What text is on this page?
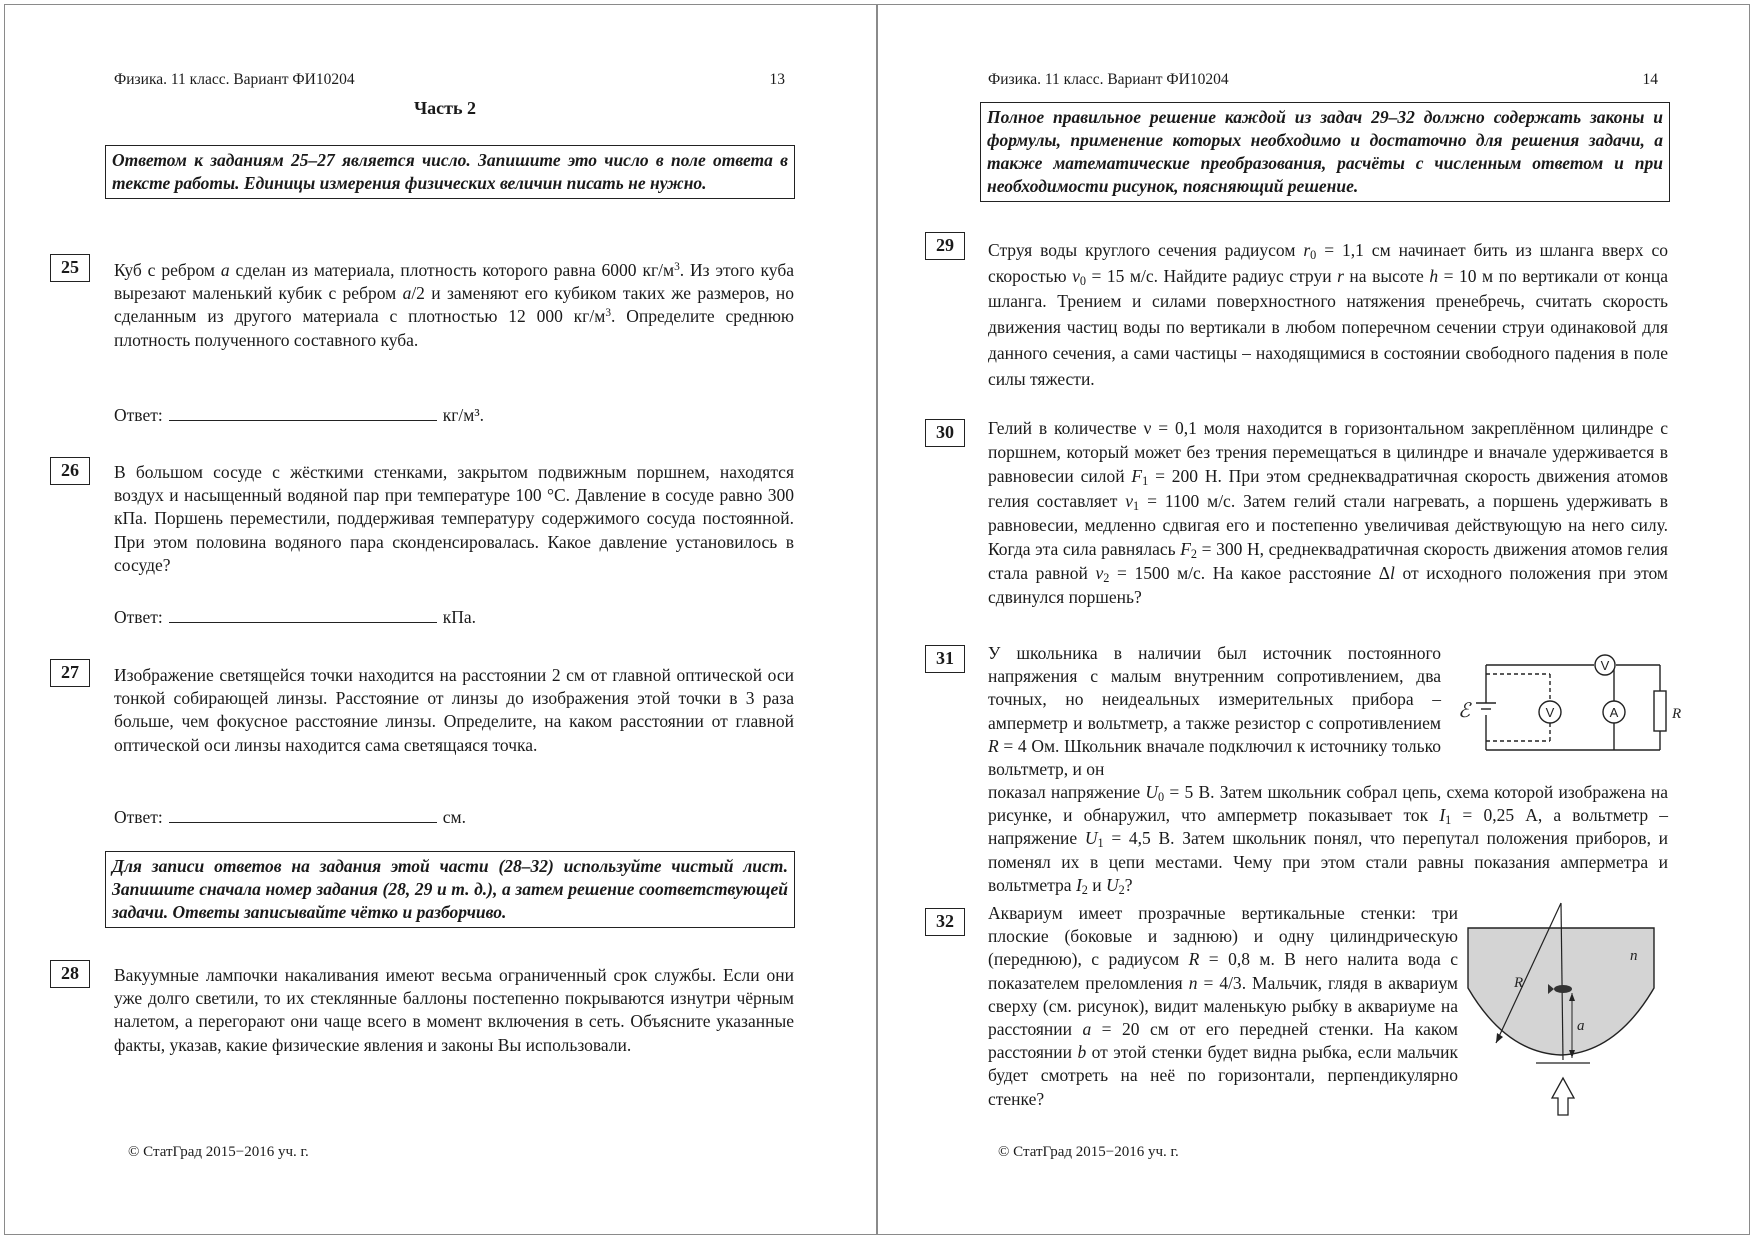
Физика. 11 класс. Вариант ФИ10204	13
Часть 2
Ответом к заданиям 25–27 является число. Запишите это число в поле ответа в тексте работы. Единицы измерения физических величин писать не нужно.
25	Куб с ребром a сделан из материала, плотность которого равна 6000 $кг/м^3$. Из этого куба вырезают маленький кубик с ребром a/2 и заменяют его кубиком таких же размеров, но сделанным из другого материала с плотностью 12 000 $кг/м^3$. Определите среднюю плотность полученного составного куба.
Ответ:	кг/м³.
26	В большом сосуде с жёсткими стенками, закрытом подвижным поршнем, находятся воздух и насыщенный водяной пар при температуре 100 °С. Давление в сосуде равно 300 кПа. Поршень переместили, поддерживая температуру содержимого сосуда постоянной. При этом половина водяного пара сконденсировалась. Какое давление установилось в сосуде?
Ответ:	кПа.
27	Изображение светящейся точки находится на расстоянии 2 см от главной оптической оси тонкой собирающей линзы. Расстояние от линзы до изображения этой точки в 3 раза больше, чем фокусное расстояние линзы. Определите, на каком расстоянии от главной оптической оси линзы находится сама светящаяся точка.
Ответ:	см.
Для записи ответов на задания этой части (28–32) используйте чистый лист. Запишите сначала номер задания (28, 29 и т. д.), а затем решение соответствующей задачи. Ответы записывайте чётко и разборчиво.
28	Вакуумные лампочки накаливания имеют весьма ограниченный срок службы. Если они уже долго светили, то их стеклянные баллоны постепенно покрываются изнутри чёрным налетом, а перегорают они чаще всего в момент включения в сеть. Объясните указанные факты, указав, какие физические явления и законы Вы использовали.
© СтатГрад 2015−2016 уч. г.
Физика. 11 класс. Вариант ФИ10204	14
Полное правильное решение каждой из задач 29–32 должно содержать законы и формулы, применение которых необходимо и достаточно для решения задачи, а также математические преобразования, расчёты с численным ответом и при необходимости рисунок, поясняющий решение.
29	Струя воды круглого сечения радиусом $r_0 = 1,1$ см начинает бить из шланга вверх со скоростью $v_0 = 15$ м/с. Найдите радиус струи r на высоте h = 10 м по вертикали от конца шланга. Трением и силами поверхностного натяжения пренебречь, считать скорость движения частиц воды по вертикали в любом поперечном сечении струи одинаковой для данного сечения, а сами частицы – находящимися в состоянии свободного падения в поле силы тяжести.
30	Гелий в количестве ν = 0,1 моля находится в горизонтальном закреплённом цилиндре с поршнем, который может без трения перемещаться в цилиндре и вначале удерживается в равновесии силой $F_1 = 200$ Н. При этом среднеквадратичная скорость движения атомов гелия составляет $v_1 = 1100$ м/с. Затем гелий стали нагревать, а поршень удерживать в равновесии, медленно сдвигая его и постепенно увеличивая действующую на него силу. Когда эта сила равнялась $F_2 = 300$ Н, среднеквадратичная скорость движения атомов гелия стала равной $v_2 = 1500$ м/с. На какое расстояние Δl от исходного положения при этом сдвинулся поршень?
31	У школьника в наличии был источник постоянного напряжения с малым внутренним сопротивлением, два точных, но неидеальных измерительных прибора – амперметр и вольтметр, а также резистор с сопротивлением R = 4 Ом. Школьник вначале подключил к источнику только вольтметр, и он
показал напряжение $U_0 = 5$ В. Затем школьник собрал цепь, схема которой изображена на рисунке, и обнаружил, что амперметр показывает ток $I_1 = 0,25$ А, а вольтметр – напряжение $U_1 = 4,5$ В. Затем школьник понял, что перепутал положения приборов, и поменял их в цепи местами. Чему при этом стали равны показания амперметра и вольтметра $I_2$ и $U_2$?
V
V	A	R
ℰ
32	Аквариум имеет прозрачные вертикальные стенки: три плоские (боковые и заднюю) и одну цилиндрическую (переднюю), с радиусом R = 0,8 м. В него налита вода с показателем преломления n = 4/3. Мальчик, глядя в аквариум сверху (см. рисунок), видит маленькую рыбку в аквариуме на расстоянии a = 20 см от его передней стенки. На каком расстоянии b от этой стенки будет видна рыбка, если мальчик будет смотреть на неё по горизонтали, перпендикулярно стенке?
R
n
a
© СтатГрад 2015−2016 уч. г.
